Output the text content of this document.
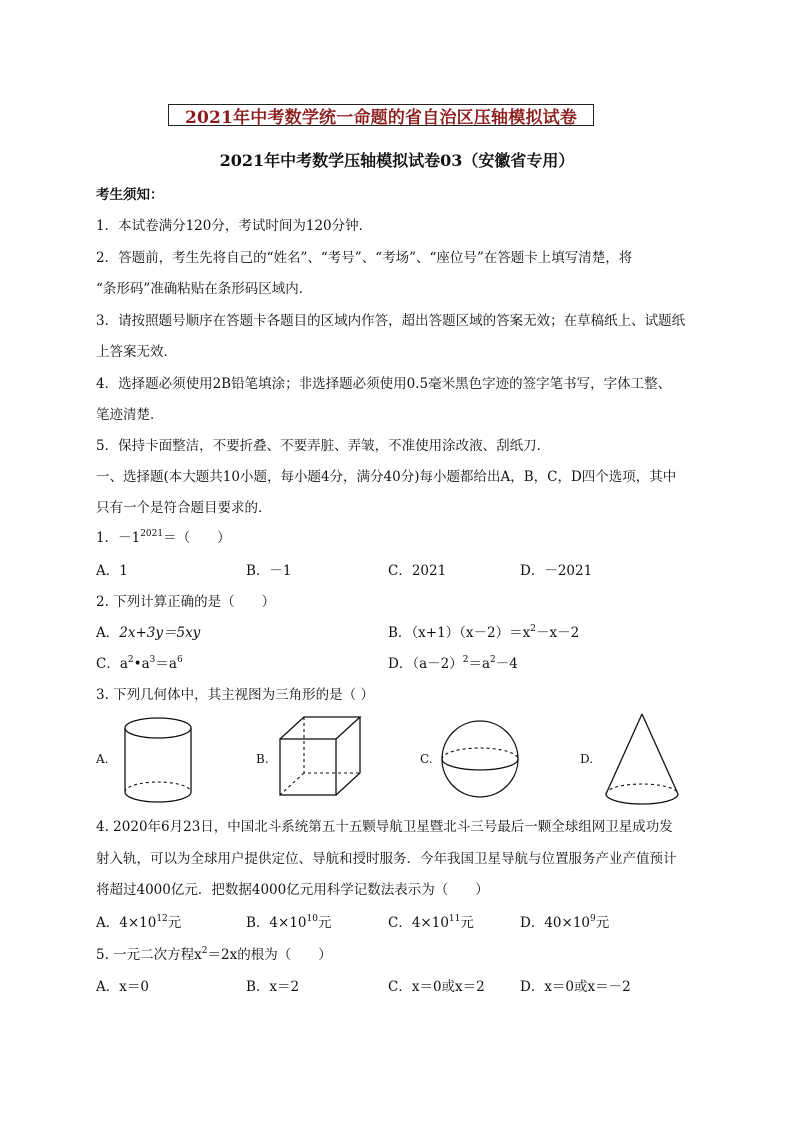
2021年中考数学统一命题的省自治区压轴模拟试卷
2021年中考数学压轴模拟试卷03（安徽省专用）
考生须知：
1．本试卷满分120分，考试时间为120分钟．
2．答题前，考生先将自己的“姓名”、“考号”、“考场”、“座位号”在答题卡上填写清楚，将
“条形码”准确粘贴在条形码区域内．
3．请按照题号顺序在答题卡各题目的区域内作答，超出答题区域的答案无效；在草稿纸上、试题纸
上答案无效．
4．选择题必须使用2B铅笔填涂；非选择题必须使用0.5毫米黑色字迹的签字笔书写，字体工整、
笔迹清楚．
5．保持卡面整洁，不要折叠、不要弄脏、弄皱，不准使用涂改液、刮纸刀．
一、选择题(本大题共10小题，每小题4分，满分40分)每小题都给出A，B，C，D四个选项，其中
只有一个是符合题目要求的．
1．$-1^{2021}=$（　　）
A．1	B．－1	C．2021	D．－2021
2. 下列计算正确的是（　　）
A．2x+3y＝5xy	B．$(x+1)(x-2)=x^2-x-2$
C．$a^2•a^3=a^6$	D．$(a-2)^2=a^2-4$
3. 下列几何体中，其主视图为三角形的是（ ）
A.	B.	C.	D.
4. 2020年6月23日，中国北斗系统第五十五颗导航卫星暨北斗三号最后一颗全球组网卫星成功发
射入轨，可以为全球用户提供定位、导航和授时服务．今年我国卫星导航与位置服务产业产值预计
将超过4000亿元．把数据4000亿元用科学记数法表示为（　　）
A．$4\times 10^{12}$元	B．$4\times 10^{10}$元	C．$4\times 10^{11}$元	D．$40\times 10^9$元
5. 一元二次方程$x^2=2x$的根为（　　）
A．x＝0	B．x＝2	C．x＝0或x＝2	D．x＝0或x＝－2
